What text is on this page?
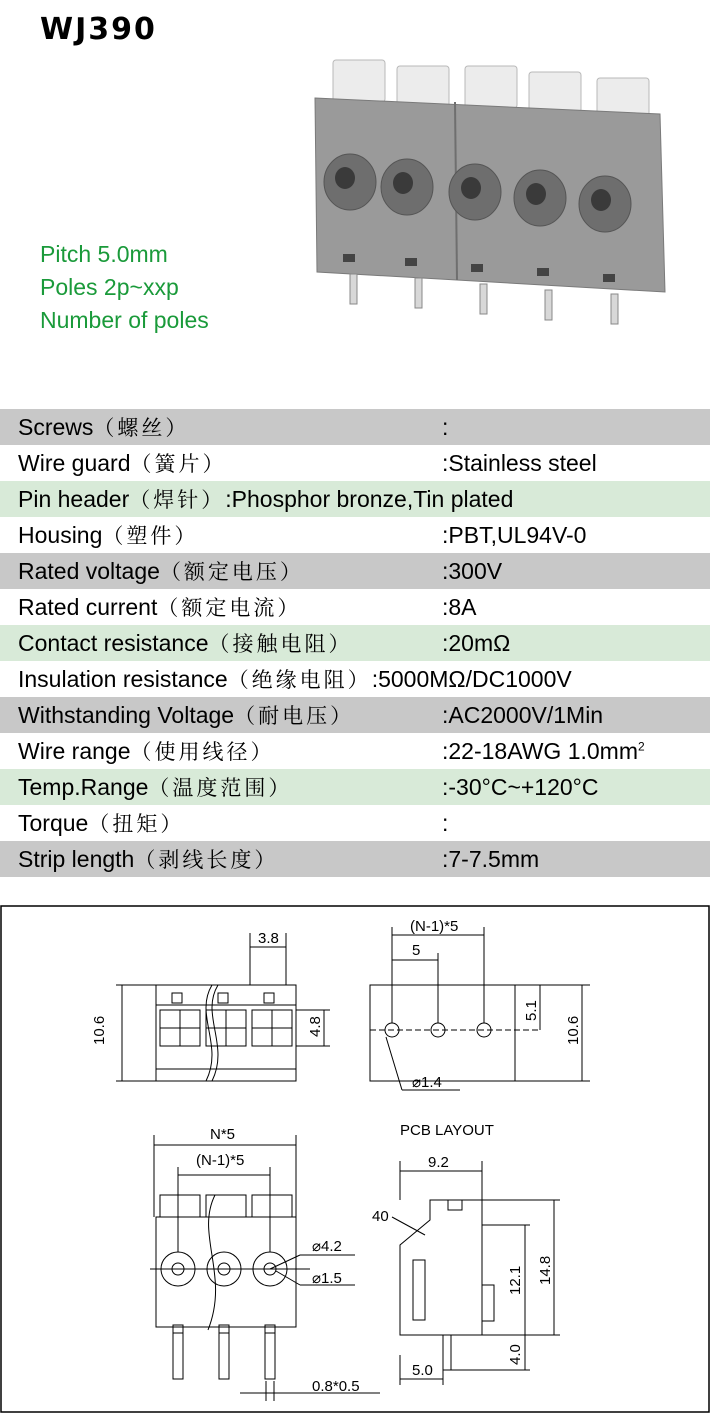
WJ390
Pitch 5.0mm
Poles 2p~xxp
Number of poles
Screws（螺丝）	:
Wire guard（簧片）	:Stainless steel
Pin header（焊针）:Phosphor bronze,Tin plated	
Housing（塑件）	:PBT,UL94V-0
Rated voltage（额定电压）	:300V
Rated current（额定电流）	:8A
Contact resistance（接触电阻）	:20mΩ
Insulation resistance（绝缘电阻）:5000MΩ/DC1000V	
Withstanding Voltage（耐电压）	:AC2000V/1Min
Wire range（使用线径）	:22-18AWG $1.0mm^2$
Temp.Range（温度范围）	:-30°C~+120°C
Torque（扭矩）	:
Strip length（剥线长度）	:7-7.5mm
3.8
10.6	4.8
(N-1)*5
5
5.1
10.6
⌀1.4
N*5
(N-1)*5
⌀4.2
⌀1.5
0.8*0.5
PCB LAYOUT
9.2
40
12.1 14.8
4.0
5.0
